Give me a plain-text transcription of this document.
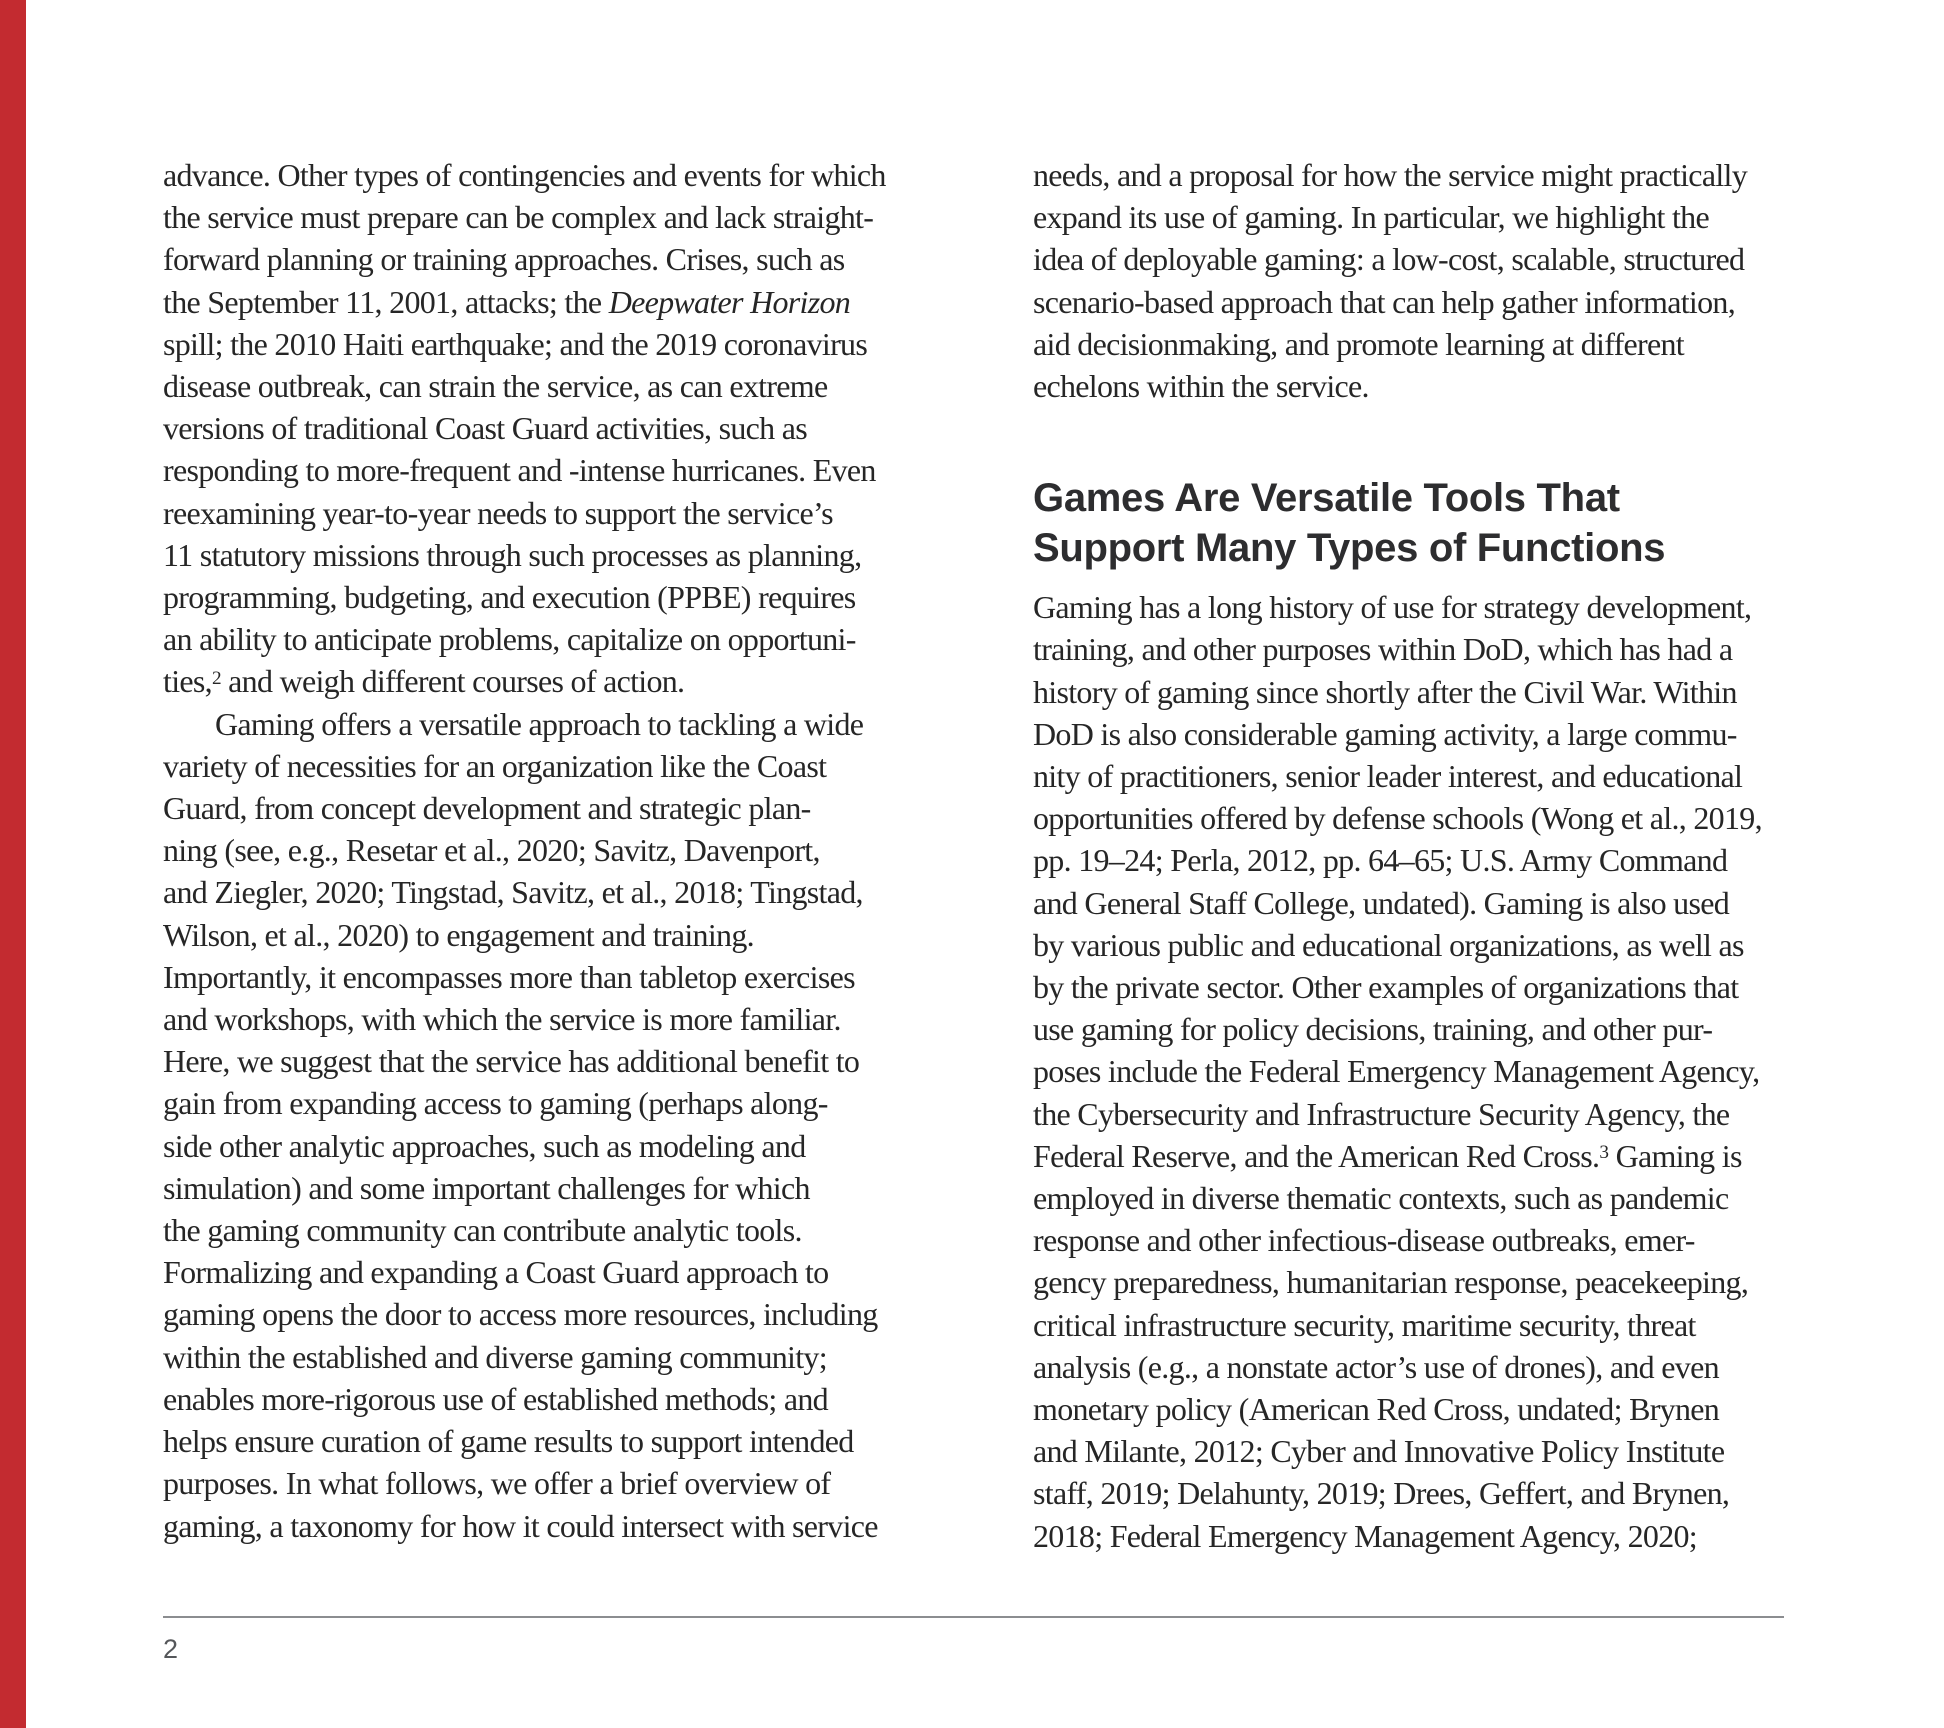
advance. Other types of contingencies and events for which
the service must prepare can be complex and lack straight-
forward planning or training approaches. Crises, such as
the September 11, 2001, attacks; the Deepwater Horizon
spill; the 2010 Haiti earthquake; and the 2019 coronavirus
disease outbreak, can strain the service, as can extreme
versions of traditional Coast Guard activities, such as
responding to more-frequent and -intense hurricanes. Even
reexamining year-to-year needs to support the service’s
11 statutory missions through such processes as planning,
programming, budgeting, and execution (PPBE) requires
an ability to anticipate problems, capitalize on opportuni-
ties,$^2$ and weigh different courses of action.

Gaming offers a versatile approach to tackling a wide
variety of necessities for an organization like the Coast
Guard, from concept development and strategic plan-
ning (see, e.g., Resetar et al., 2020; Savitz, Davenport,
and Ziegler, 2020; Tingstad, Savitz, et al., 2018; Tingstad,
Wilson, et al., 2020) to engagement and training.
Importantly, it encompasses more than tabletop exercises
and workshops, with which the service is more familiar.
Here, we suggest that the service has additional benefit to
gain from expanding access to gaming (perhaps along-
side other analytic approaches, such as modeling and
simulation) and some important challenges for which
the gaming community can contribute analytic tools.
Formalizing and expanding a Coast Guard approach to
gaming opens the door to access more resources, including
within the established and diverse gaming community;
enables more-rigorous use of established methods; and
helps ensure curation of game results to support intended
purposes. In what follows, we offer a brief overview of
gaming, a taxonomy for how it could intersect with service

needs, and a proposal for how the service might practically
expand its use of gaming. In particular, we highlight the
idea of deployable gaming: a low-cost, scalable, structured
scenario-based approach that can help gather information,
aid decisionmaking, and promote learning at different
echelons within the service.

Games Are Versatile Tools That
Support Many Types of Functions

Gaming has a long history of use for strategy development,
training, and other purposes within DoD, which has had a
history of gaming since shortly after the Civil War. Within
DoD is also considerable gaming activity, a large commu-
nity of practitioners, senior leader interest, and educational
opportunities offered by defense schools (Wong et al., 2019,
pp. 19–24; Perla, 2012, pp. 64–65; U.S. Army Command
and General Staff College, undated). Gaming is also used
by various public and educational organizations, as well as
by the private sector. Other examples of organizations that
use gaming for policy decisions, training, and other pur-
poses include the Federal Emergency Management Agency,
the Cybersecurity and Infrastructure Security Agency, the
Federal Reserve, and the American Red Cross.$^3$ Gaming is
employed in diverse thematic contexts, such as pandemic
response and other infectious-disease outbreaks, emer-
gency preparedness, humanitarian response, peacekeeping,
critical infrastructure security, maritime security, threat
analysis (e.g., a nonstate actor’s use of drones), and even
monetary policy (American Red Cross, undated; Brynen
and Milante, 2012; Cyber and Innovative Policy Institute
staff, 2019; Delahunty, 2019; Drees, Geffert, and Brynen,
2018; Federal Emergency Management Agency, 2020;

2
